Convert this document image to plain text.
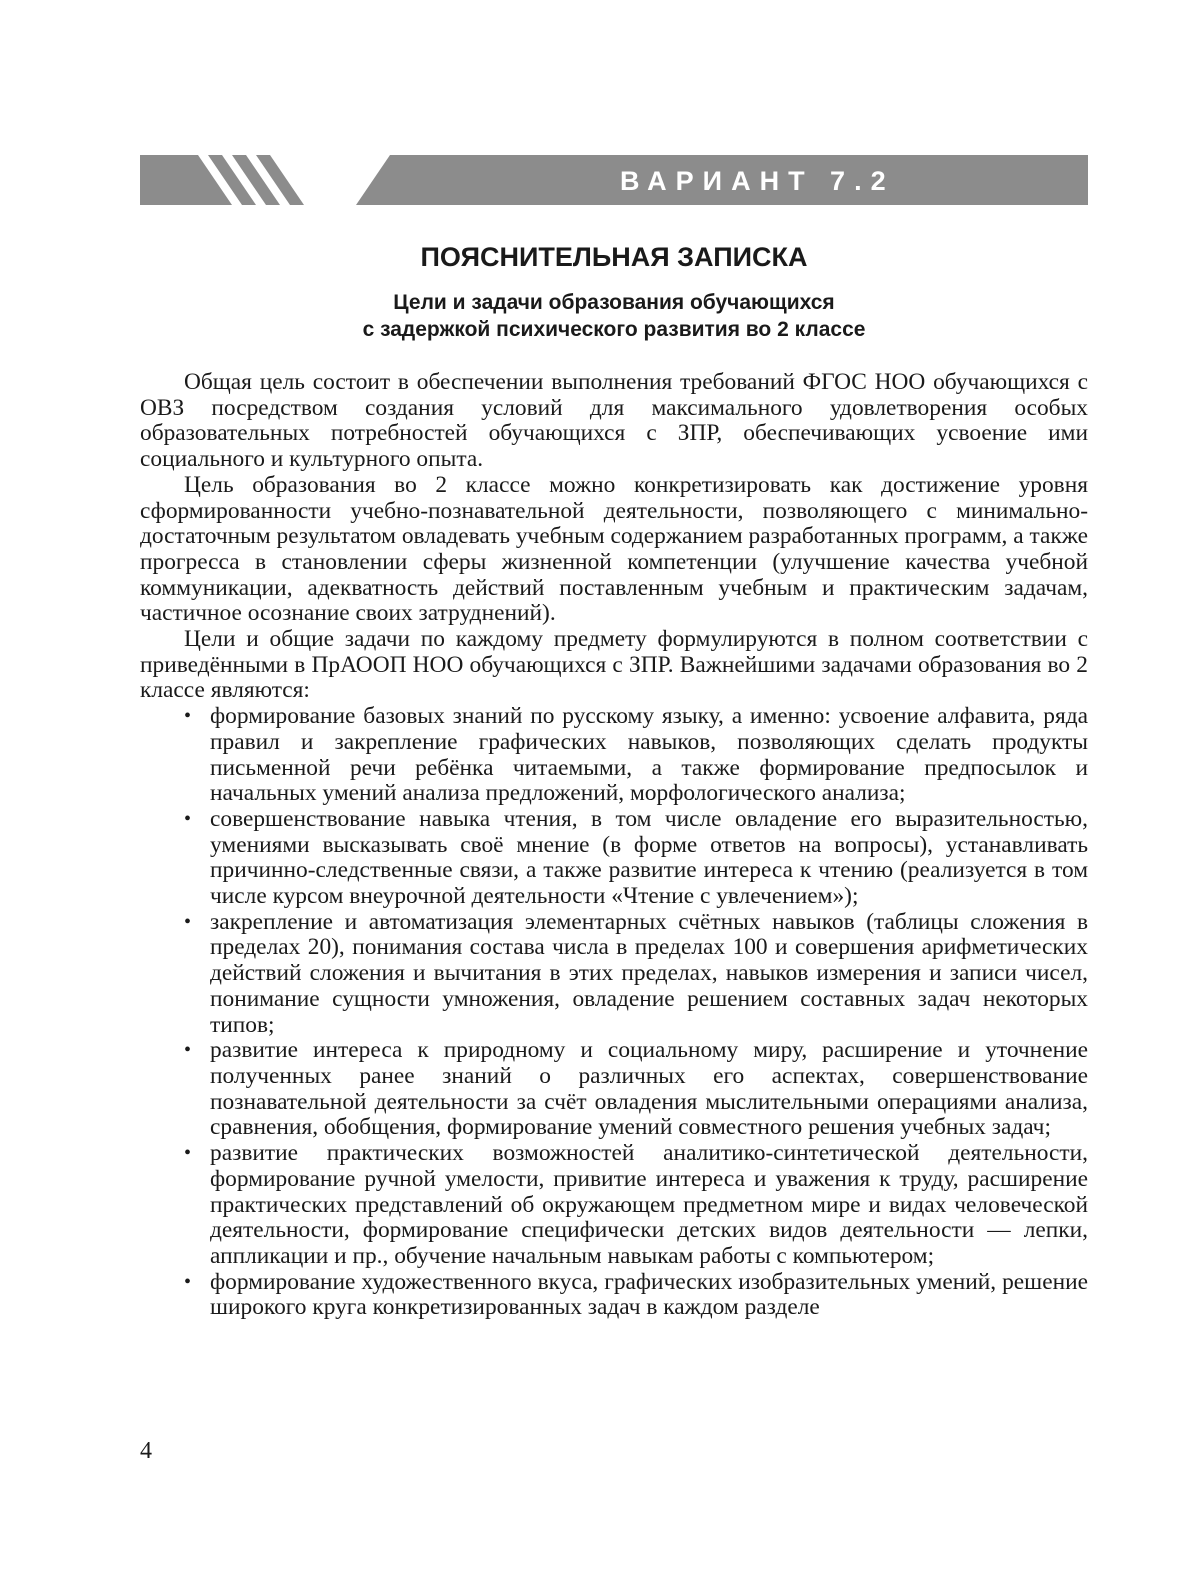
ВАРИАНТ 7.2
ПОЯСНИТЕЛЬНАЯ ЗАПИСКА
Цели и задачи образования обучающихся
с задержкой психического развития во 2 классе

Общая цель состоит в обеспечении выполнения требований ФГОС НОО обучающихся с ОВЗ посредством создания условий для максимального удовлетворения особых образовательных потребностей обучающихся с ЗПР, обеспечивающих усвоение ими социального и культурного опыта.

Цель образования во 2 классе можно конкретизировать как достижение уровня сформированности учебно-познавательной деятельности, позволяющего с минимально-достаточным результатом овладевать учебным содержанием разработанных программ, а также прогресса в становлении сферы жизненной компетенции (улучшение качества учебной коммуникации, адекватность действий поставленным учебным и практическим задачам, частичное осознание своих затруднений).

Цели и общие задачи по каждому предмету формулируются в полном соответствии с приведёнными в ПрАООП НОО обучающихся с ЗПР. Важнейшими задачами образования во 2 классе являются:

• формирование базовых знаний по русскому языку, а именно: усвоение алфавита, ряда правил и закрепление графических навыков, позволяющих сделать продукты письменной речи ребёнка читаемыми, а также формирование предпосылок и начальных умений анализа предложений, морфологического анализа;
• совершенствование навыка чтения, в том числе овладение его выразительностью, умениями высказывать своё мнение (в форме ответов на вопросы), устанавливать причинно-следственные связи, а также развитие интереса к чтению (реализуется в том числе курсом внеурочной деятельности «Чтение с увлечением»);
• закрепление и автоматизация элементарных счётных навыков (таблицы сложения в пределах 20), понимания состава числа в пределах 100 и совершения арифметических действий сложения и вычитания в этих пределах, навыков измерения и записи чисел, понимание сущности умножения, овладение решением составных задач некоторых типов;
• развитие интереса к природному и социальному миру, расширение и уточнение полученных ранее знаний о различных его аспектах, совершенствование познавательной деятельности за счёт овладения мыслительными операциями анализа, сравнения, обобщения, формирование умений совместного решения учебных задач;
• развитие практических возможностей аналитико-синтетической деятельности, формирование ручной умелости, привитие интереса и уважения к труду, расширение практических представлений об окружающем предметном мире и видах человеческой деятельности, формирование специфически детских видов деятельности — лепки, аппликации и пр., обучение начальным навыкам работы с компьютером;
• формирование художественного вкуса, графических изобразительных умений, решение широкого круга конкретизированных задач в каждом разделе
4
